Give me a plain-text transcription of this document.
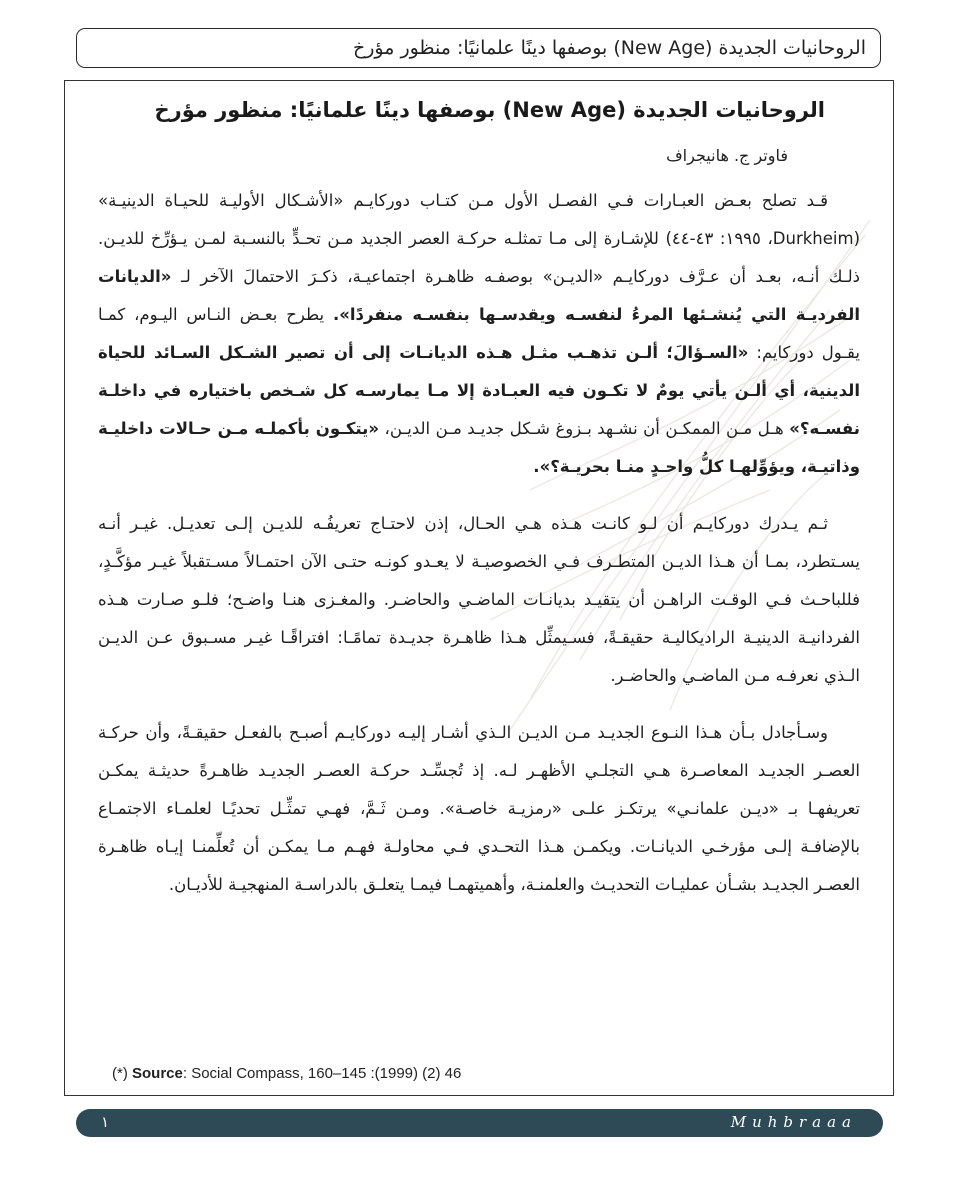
الروحانيات الجديدة (New Age) بوصفها دينًا علمانيًا: منظور مؤرخ
الروحانيات الجديدة (New Age) بوصفها دينًا علمانيًا: منظور مؤرخ
فاوتر ج. هانيجراف

قـد تصلح بعـض العبـارات فـي الفصـل الأول مـن كتـاب دوركايـم «الأشـكال الأوليـة للحيـاة الدينيـة» (Durkheim، ١٩٩٥: ٤٣-٤٤) للإشـارة إلى مـا تمثلـه حركـة العصر الجديد مـن تحـدٍّ بالنسـبة لمـن يـؤرِّخ للديـن. ذلـك أنـه، بعـد أن عـرَّف دوركايـم «الديـن» بوصفـه ظاهـرة اجتماعيـة، ذكـرَ الاحتمالَ الآخر لـ «الديانات الفرديـة التي يُنشـئها المرءُ لنفسـه ويقدسـها بنفسـه منفردًا». يطرح بعـض النـاس اليـوم، كمـا يقـول دوركايم: «السـؤالَ؛ ألـن تذهـب مثـل هـذه الديانـات إلى أن تصير الشـكل السـائد للحياة الدينية، أي ألـن يأتي يومٌ لا تكـون فيه العبـادة إلا مـا يمارسـه كل شـخص باختياره في داخلـة نفسـه؟» هـل مـن الممكـن أن نشـهد بـزوغ شـكل جديـد مـن الديـن، «يتكـون بأكملـه مـن حـالات داخليـة وذاتيـة، ويؤوِّلهـا كلُّ واحـدٍ منـا بحريـة؟».

ثـم يـدرك دوركايـم أن لـو كانـت هـذه هـي الحـال، إذن لاحتـاج تعريفُـه للديـن إلـى تعديـل. غيـر أنـه يسـتطرد، بمـا أن هـذا الديـن المتطـرف فـي الخصوصيـة لا يعـدو كونـه حتـى الآن احتمـالاً مسـتقبلاً غيـر مؤكَّـدٍ، فللباحـث فـي الوقـت الراهـن أن يتقيـد بديانـات الماضـي والحاضـر. والمغـزى هنـا واضـح؛ فلـو صـارت هـذه الفردانيـة الدينيـة الراديكاليـة حقيقـةً، فسـيمثِّل هـذا ظاهـرة جديـدة تمامًـا: افتراقًـا غيـر مسـبوق عـن الديـن الـذي نعرفـه مـن الماضـي والحاضـر.

وسـأجادل بـأن هـذا النـوع الجديـد مـن الديـن الـذي أشـار إليـه دوركايـم أصبـح بالفعـل حقيقـةً، وأن حركـة العصـر الجديـد المعاصـرة هـي التجلـي الأظهـر لـه. إذ تُجسِّـد حركـة العصـر الجديـد ظاهـرةً حديثـة يمكـن تعريفهـا بـ «ديـن علمانـي» يرتكـز علـى «رمزيـة خاصـة». ومـن ثَـمَّ، فهـي تمثِّـل تحديًـا لعلمـاء الاجتمـاع بالإضافـة إلـى مؤرخـي الديانـات. ويكمـن هـذا التحـدي فـي محاولـة فهـم مـا يمكـن أن تُعلِّمنـا إيـاه ظاهـرة العصـر الجديـد بشـأن عمليـات التحديـث والعلمنـة، وأهميتهمـا فيمـا يتعلـق بالدراسـة المنهجيـة للأديـان.

(*) Source: Social Compass, 160–145 :(1999) (2) 46
Muhbraaa
١
